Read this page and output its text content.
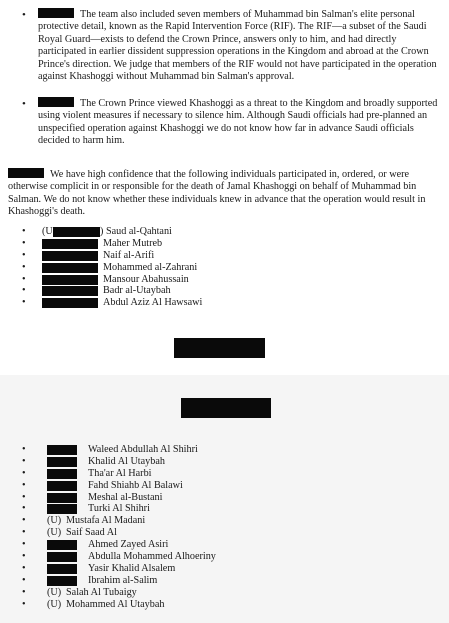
•	The team also included seven members of Muhammad bin Salman's elite personal protective detail, known as the Rapid Intervention Force (RIF). The RIF—a subset of the Saudi Royal Guard—exists to defend the Crown Prince, answers only to him, and had directly participated in earlier dissident suppression operations in the Kingdom and abroad at the Crown Prince's direction. We judge that members of the RIF would not have participated in the operation against Khashoggi without Muhammad bin Salman's approval.
•	The Crown Prince viewed Khashoggi as a threat to the Kingdom and broadly supported using violent measures if necessary to silence him. Although Saudi officials had pre-planned an unspecified operation against Khashoggi we do not know how far in advance Saudi officials decided to harm him.
We have high confidence that the following individuals participated in, ordered, or were otherwise complicit in or responsible for the death of Jamal Khashoggi on behalf of Muhammad bin Salman. We do not know whether these individuals knew in advance that the operation would result in Khashoggi's death.
• (U	) Saud al-Qahtani
•	Maher Mutreb
•	Naif al-Arifi
•	Mohammed al-Zahrani
•	Mansour Abahussain
•	Badr al-Utaybah
•	Abdul Aziz Al Hawsawi
•	Waleed Abdullah Al Shihri
•	Khalid Al Utaybah
•	Tha'ar Al Harbi
•	Fahd Shiahb Al Balawi
•	Meshal al-Bustani
•	Turki Al Shihri
• (U) Mustafa Al Madani
• (U) Saif Saad Al
•	Ahmed Zayed Asiri
•	Abdulla Mohammed Alhoeriny
•	Yasir Khalid Alsalem
•	Ibrahim al-Salim
• (U) Salah Al Tubaigy
• (U) Mohammed Al Utaybah
